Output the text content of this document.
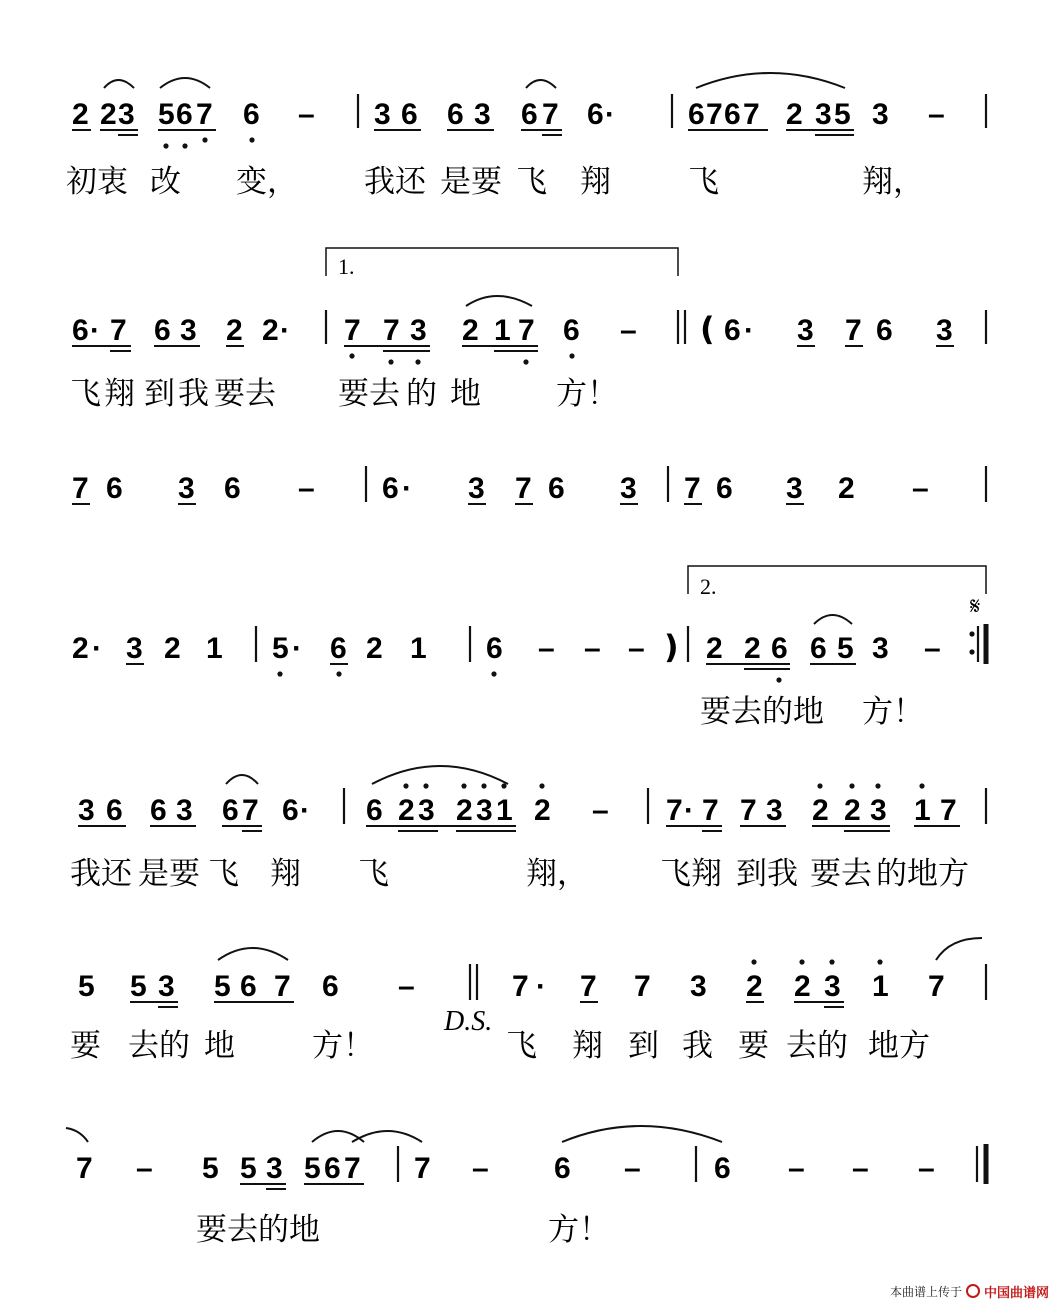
2 2 3 5 6 7 6 – 3 6 6 3 6 7 6 · 6 7 6 7 2 3 5 3 –
初衷 改 变， 我还 是要 飞 翔 飞	翔，
1.
6 · 7 6 3 2 2 · 7 7 3 2 1 7 6 – ( 6 · 3 7 6 3
飞 翔 到 我 要去 要去 的 地 方！
7 6 3 6 – 6 · 3 7 6 3 7 6 3 2 –
2.
𝄋
2 · 3 2 1 5 · 6 2 1 6 – – – ) 2 2 6 6 5 3 –
要去的地 方！
3 6 6 3 6 7 6 · 6 2 3 2 3 1 2 – 7 · 7 7 3 2 2 3 1 7
我还 是要 飞 翔 飞	翔， 飞翔 到我 要去 的地方
5 5 3 5 6 7 6 –	7 · 7 7 3 2 2 3 1 7
D.S.
要 去的 地 方！	飞 翔 到 我 要 去的 地方
7 – 5 5 3 5 6 7 7 – 6 – 6 – – –
要去的地	方！
本曲谱上传于 中国曲谱网
